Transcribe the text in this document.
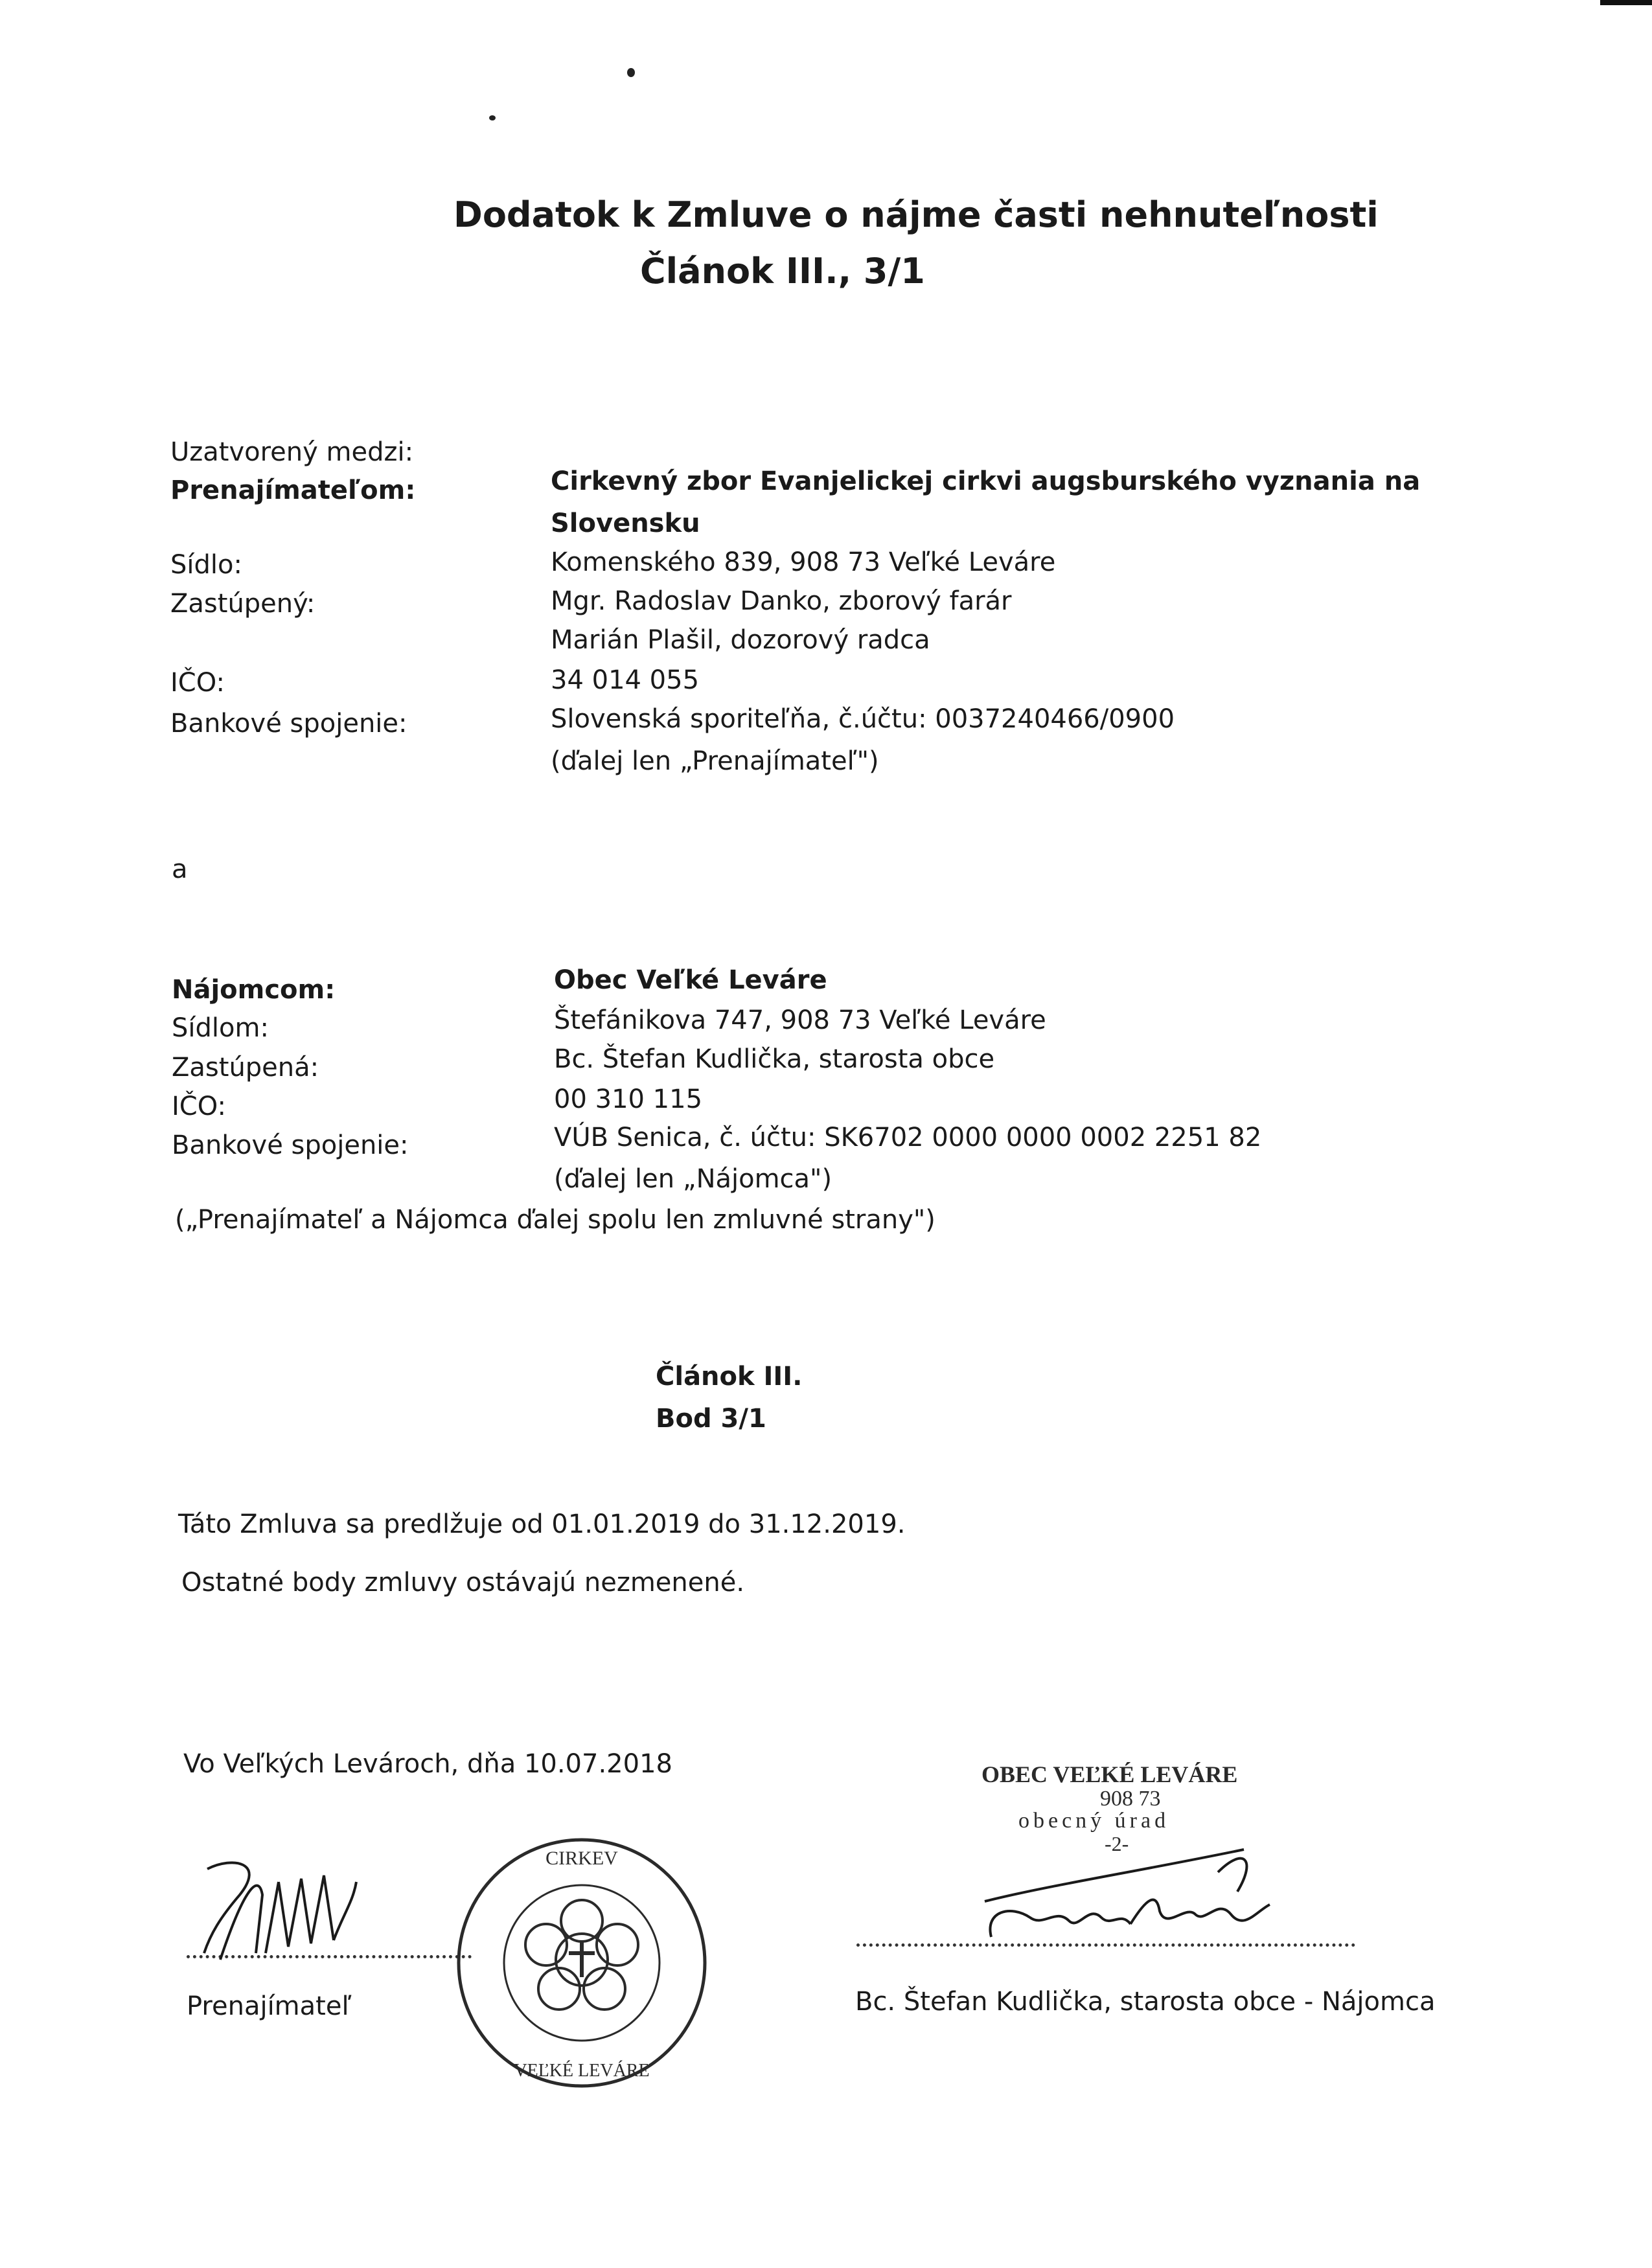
Dodatok k Zmluve o nájme časti nehnuteľnosti
Článok III., 3/1
Uzatvorený medzi:
Prenajímateľom:	Cirkevný zbor Evanjelickej cirkvi augsburského vyznania na
Slovensku
Sídlo:	Komenského 839, 908 73 Veľké Leváre
Zastúpený:	Mgr. Radoslav Danko, zborový farár
Marián Plašil, dozorový radca
IČO:	34 014 055
Bankové spojenie:	Slovenská sporiteľňa, č.účtu: 0037240466/0900
(ďalej len „Prenajímateľ")
a
Nájomcom:	Obec Veľké Leváre
Sídlom:	Štefánikova 747, 908 73 Veľké Leváre
Zastúpená:	Bc. Štefan Kudlička, starosta obce
IČO:	00 310 115
Bankové spojenie:	VÚB Senica, č. účtu: SK6702 0000 0000 0002 2251 82
(ďalej len „Nájomca")
(„Prenajímateľ a Nájomca ďalej spolu len zmluvné strany")
Článok III.
Bod 3/1
Táto Zmluva sa predlžuje od 01.01.2019 do 31.12.2019.
Ostatné body zmluvy ostávajú nezmenené.
Vo Veľkých Levároch, dňa 10.07.2018	OBEC VEĽKÉ LEVÁRE
908 73
obecný úrad
-2-
CIRKEV
VEĽKÉ LEVÁRE
Prenajímateľ	Bc. Štefan Kudlička, starosta obce - Nájomca
